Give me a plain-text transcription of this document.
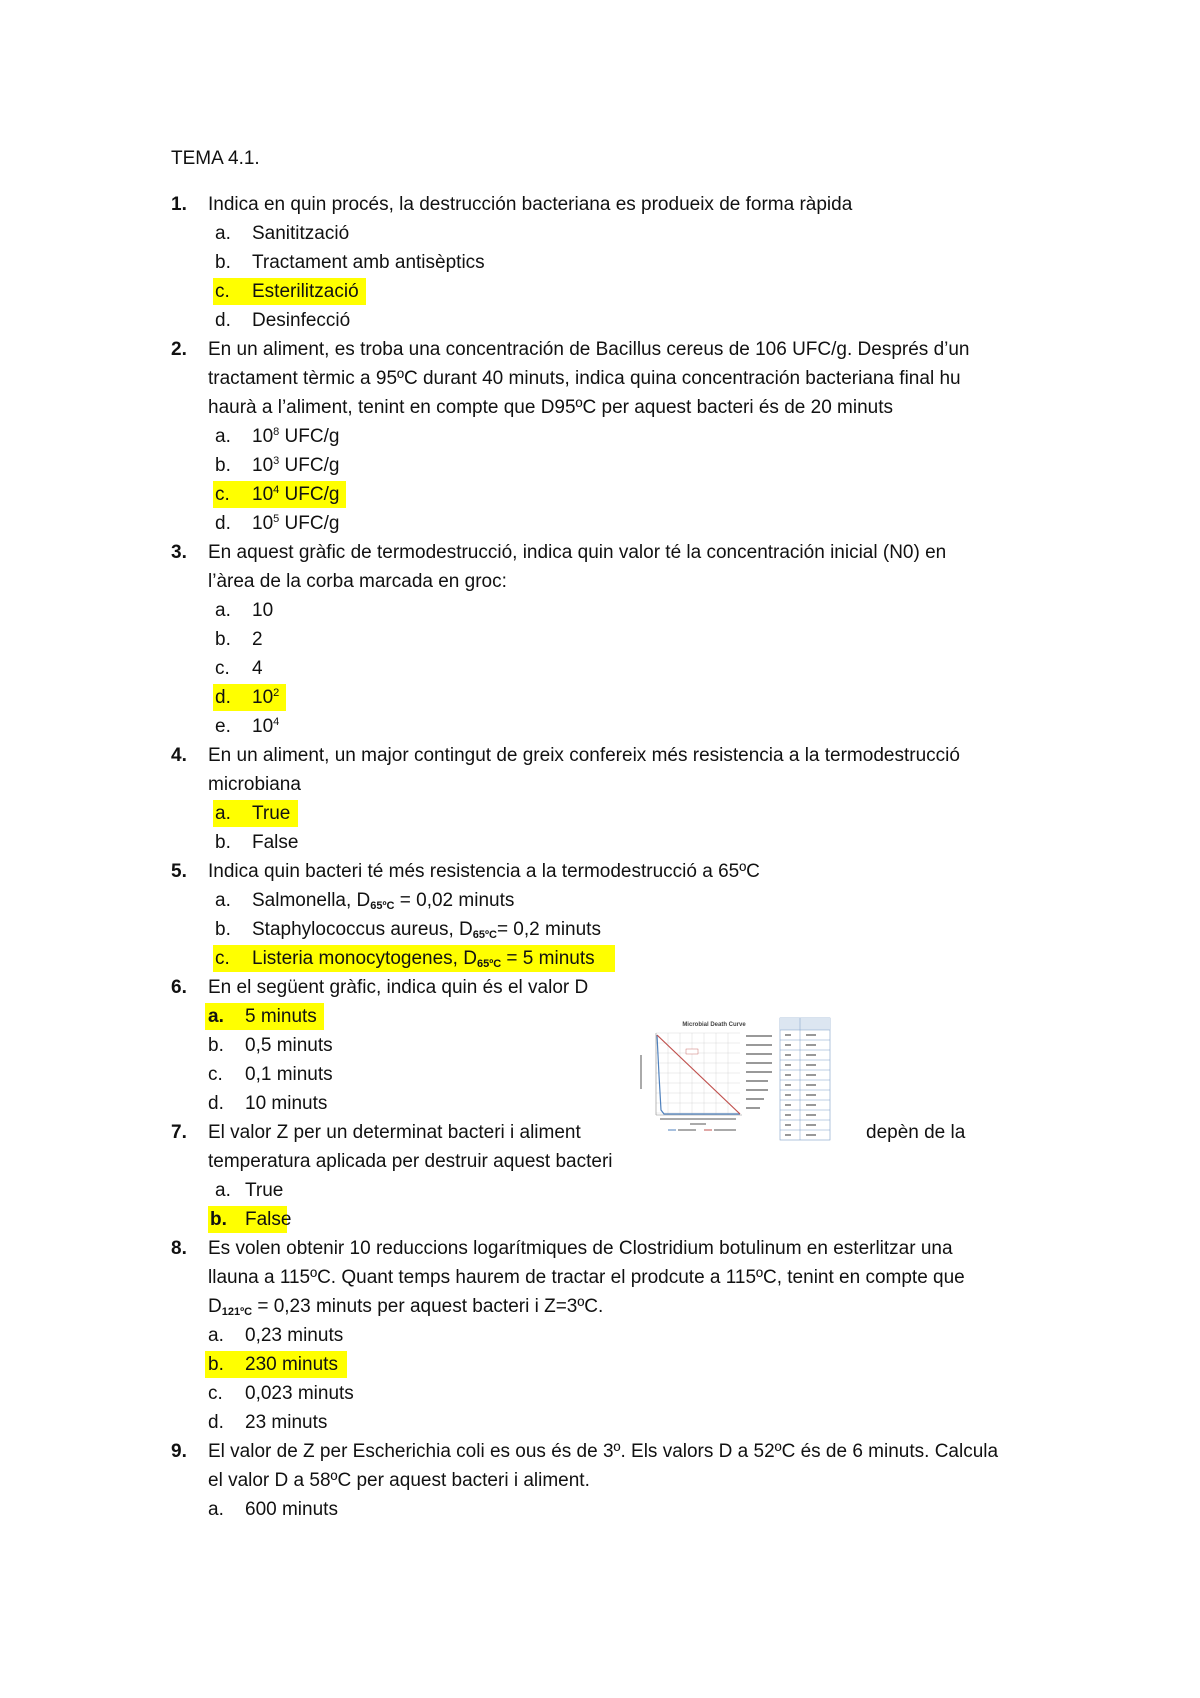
TEMA 4.1.
1. Indica en quin procés, la destrucción bacteriana es produeix de forma ràpida
a. Sanitització
b. Tractament amb antisèptics
c. Esterilització
d. Desinfecció
2. En un aliment, es troba una concentración de Bacillus cereus de 106 UFC/g. Després d’un
tractament tèrmic a 95ºC durant 40 minuts, indica quina concentración bacteriana final hu
haurà a l’aliment, tenint en compte que D95ºC per aquest bacteri és de 20 minuts
a. $10^8$ UFC/g
b. $10^3$ UFC/g
c. $10^4$ UFC/g
d. $10^5$ UFC/g
3. En aquest gràfic de termodestrucció, indica quin valor té la concentración inicial (N0) en
l’àrea de la corba marcada en groc:
a. 10
b. 2
c. 4
d. $10^2$
e. $10^4$
4. En un aliment, un major contingut de greix confereix més resistencia a la termodestrucció
microbiana
a. True
b. False
5. Indica quin bacteri té més resistencia a la termodestrucció a 65ºC
a. Salmonella, $D_{65ºC} = 0,02$ minuts
b. Staphylococcus aureus, $D_{65ºC}= 0,2$ minuts
c. Listeria monocytogenes, $D_{65ºC} = 5$ minuts
6. En el següent gràfic, indica quin és el valor D
a. 5 minuts
b. 0,5 minuts
c. 0,1 minuts
d. 10 minuts
Microbial Death Curve
7. El valor Z per un determinat bacteri i aliment	depèn de la
temperatura aplicada per destruir aquest bacteri
a. True
b. False
8. Es volen obtenir 10 reduccions logarítmiques de Clostridium botulinum en esterlitzar una
llauna a 115ºC. Quant temps haurem de tractar el prodcute a 115ºC, tenint en compte que
$D_{121ºC} = 0,23$ minuts per aquest bacteri i Z=3ºC.
a. 0,23 minuts
b. 230 minuts
c. 0,023 minuts
d. 23 minuts
9. El valor de Z per Escherichia coli es ous és de 3º. Els valors D a 52ºC és de 6 minuts. Calcula
el valor D a 58ºC per aquest bacteri i aliment.
a. 600 minuts
